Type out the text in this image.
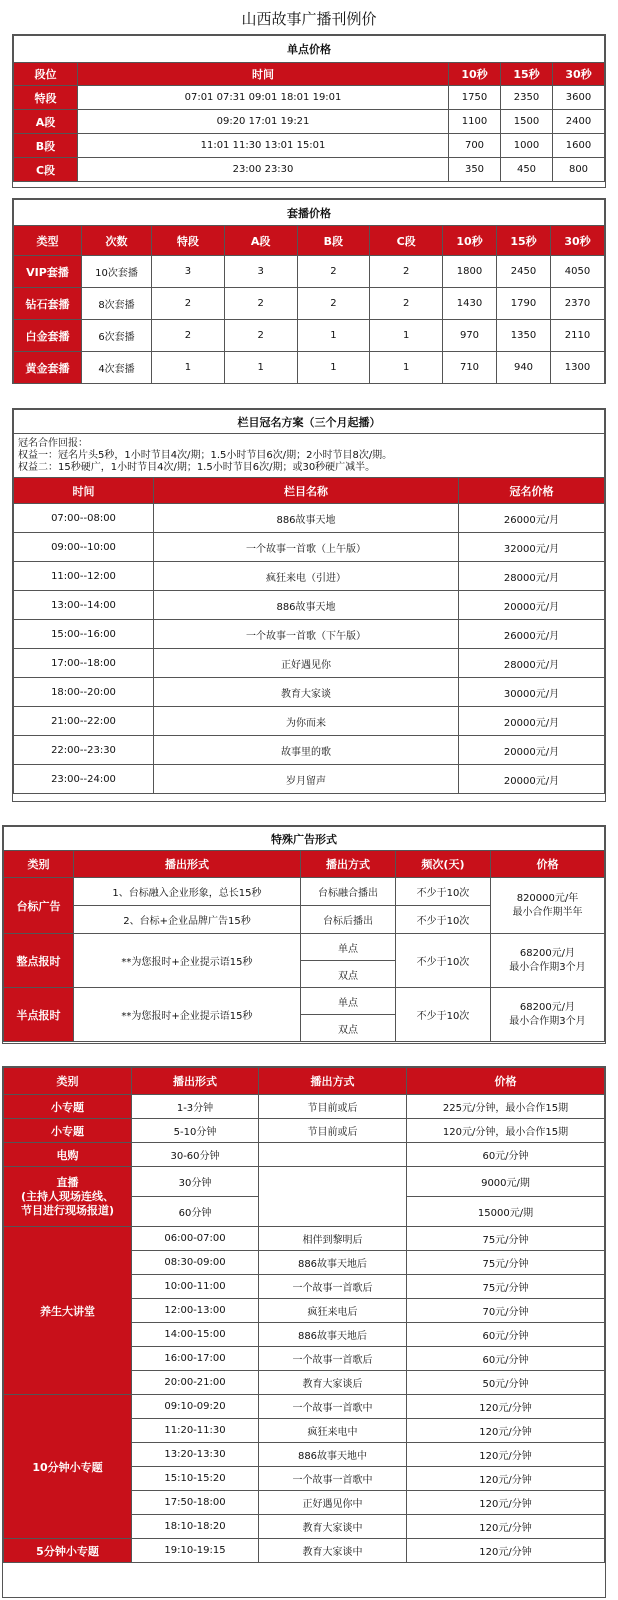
山西故事广播刊例价
单点价格				
段位	时间	10秒	15秒	30秒
特段	07:01 07:31 09:01 18:01 19:01	1750	2350	3600
A段	09:20 17:01 19:21	1100	1500	2400
B段	11:01 11:30 13:01 15:01	700	1000	1600
C段	23:00 23:30	350	450	800
套播价格								
类型	次数	特段	A段	B段	C段	10秒	15秒	30秒
VIP套播	10次套播	3	3	2	2	1800	2450	4050
钻石套播	8次套播	2	2	2	2	1430	1790	2370
白金套播	6次套播	2	2	1	1	970	1350	2110
黄金套播	4次套播	1	1	1	1	710	940	1300
栏目冠名方案（三个月起播）		

冠名合作回报：
权益一：冠名片头5秒，1小时节目4次/期；1.5小时节目6次/期；2小时节目8次/期。
权益二：15秒硬广，1小时节目4次/期；1.5小时节目6次/期；或30秒硬广减半。		

时间	栏目名称	冠名价格
07:00--08:00	886故事天地	26000元/月
09:00--10:00	一个故事一首歌（上午版）	32000元/月
11:00--12:00	疯狂来电（引进）	28000元/月
13:00--14:00	886故事天地	20000元/月
15:00--16:00	一个故事一首歌（下午版）	26000元/月
17:00--18:00	正好遇见你	28000元/月
18:00--20:00	教育大家谈	30000元/月
21:00--22:00	为你而来	20000元/月
22:00--23:30	故事里的歌	20000元/月
23:00--24:00	岁月留声	20000元/月
特殊广告形式				
类别	播出形式	播出方式	频次(天)	价格
台标广告	1、台标融入企业形象，总长15秒	台标融合播出	不少于10次	820000元/年
最小合作期半年

	2、台标+企业品牌广告15秒	台标后播出	不少于10次	
整点报时	**为您报时+企业提示语15秒	单点	不少于10次	68200元/月
最小合作期3个月

		双点		
半点报时	**为您报时+企业提示语15秒	单点	不少于10次	68200元/月
最小合作期3个月

		双点		
类别	播出形式	播出方式	价格
小专题	1-3分钟	节目前或后	225元/分钟，最小合作15期
小专题	5-10分钟	节目前或后	120元/分钟，最小合作15期
电购	30-60分钟		60元/分钟
直播
(主持人现场连线、
节目进行现场报道)	30分钟		9000元/期
	60分钟		15000元/期
养生大讲堂	06:00-07:00	相伴到黎明后	75元/分钟
	08:30-09:00	886故事天地后	75元/分钟
	10:00-11:00	一个故事一首歌后	75元/分钟
	12:00-13:00	疯狂来电后	70元/分钟
	14:00-15:00	886故事天地后	60元/分钟
	16:00-17:00	一个故事一首歌后	60元/分钟
	20:00-21:00	教育大家谈后	50元/分钟
10分钟小专题	09:10-09:20	一个故事一首歌中	120元/分钟
	11:20-11:30	疯狂来电中	120元/分钟
	13:20-13:30	886故事天地中	120元/分钟
	15:10-15:20	一个故事一首歌中	120元/分钟
	17:50-18:00	正好遇见你中	120元/分钟
	18:10-18:20	教育大家谈中	120元/分钟
5分钟小专题	19:10-19:15	教育大家谈中	120元/分钟
